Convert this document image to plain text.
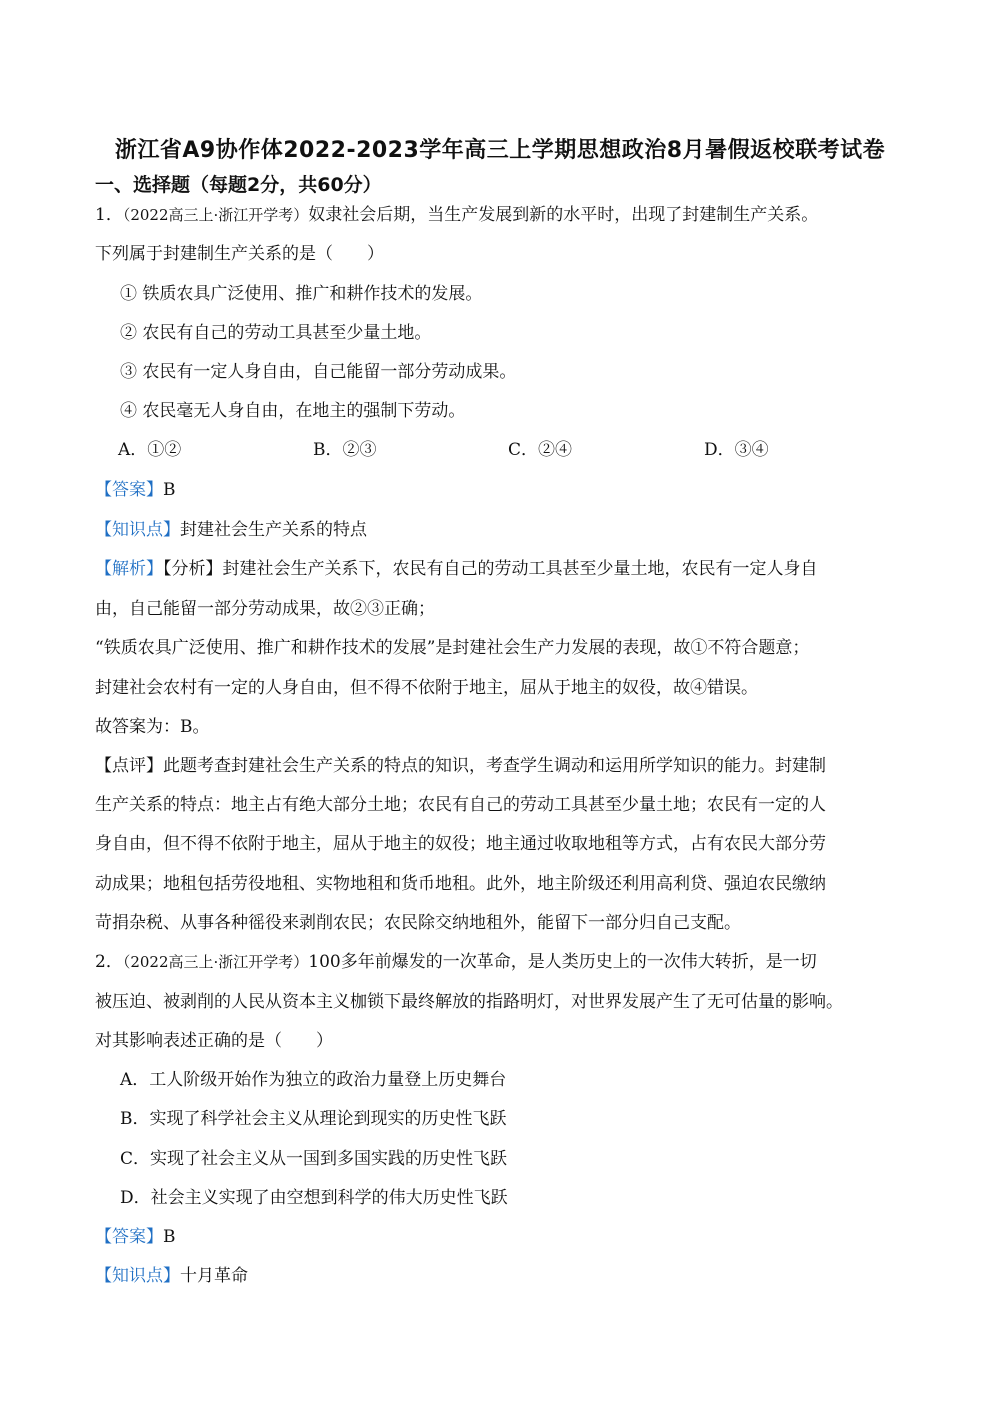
浙江省A9协作体2022-2023学年高三上学期思想政治8月暑假返校联考试卷
一、选择题（每题2分，共60分）
1．（2022高三上·浙江开学考）奴隶社会后期，当生产发展到新的水平时，出现了封建制生产关系。
下列属于封建制生产关系的是（　　）
① 铁质农具广泛使用、推广和耕作技术的发展。
② 农民有自己的劳动工具甚至少量土地。
③ 农民有一定人身自由，自己能留一部分劳动成果。
④ 农民毫无人身自由，在地主的强制下劳动。
A．①②	B．②③	C．②④	D．③④
【答案】B
【知识点】封建社会生产关系的特点
【解析】【分析】封建社会生产关系下，农民有自己的劳动工具甚至少量土地，农民有一定人身自
由，自己能留一部分劳动成果，故②③正确；
“铁质农具广泛使用、推广和耕作技术的发展”是封建社会生产力发展的表现，故①不符合题意；
封建社会农村有一定的人身自由，但不得不依附于地主，屈从于地主的奴役，故④错误。
故答案为：B。
【点评】此题考查封建社会生产关系的特点的知识，考查学生调动和运用所学知识的能力。封建制
生产关系的特点：地主占有绝大部分土地；农民有自己的劳动工具甚至少量土地；农民有一定的人
身自由，但不得不依附于地主，屈从于地主的奴役；地主通过收取地租等方式，占有农民大部分劳
动成果；地租包括劳役地租、实物地租和货币地租。此外，地主阶级还利用高利贷、强迫农民缴纳
苛捐杂税、从事各种徭役来剥削农民；农民除交纳地租外，能留下一部分归自己支配。
2．（2022高三上·浙江开学考）100多年前爆发的一次革命，是人类历史上的一次伟大转折，是一切
被压迫、被剥削的人民从资本主义枷锁下最终解放的指路明灯，对世界发展产生了无可估量的影响。
对其影响表述正确的是（　　）
A．工人阶级开始作为独立的政治力量登上历史舞台
B．实现了科学社会主义从理论到现实的历史性飞跃
C．实现了社会主义从一国到多国实践的历史性飞跃
D．社会主义实现了由空想到科学的伟大历史性飞跃
【答案】B
【知识点】十月革命
